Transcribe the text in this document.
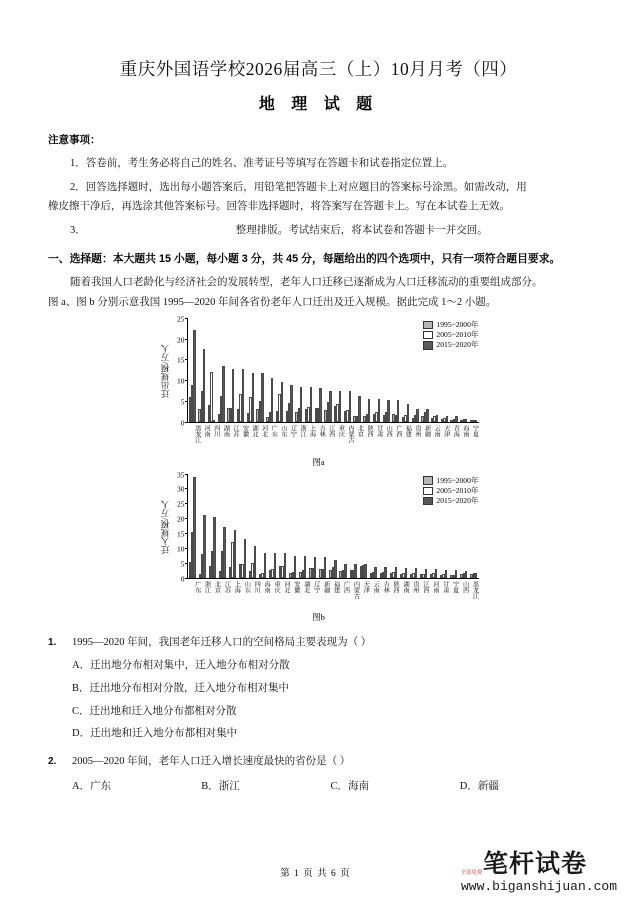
重庆外国语学校2026届高三（上）10月月考（四）
地 理 试 题
注意事项：
1．答卷前，考生务必将自己的姓名、准考证号等填写在答题卡和试卷指定位置上。
2．回答选择题时，选出每小题答案后，用铅笔把答题卡上对应题目的答案标号涂黑。如需改动，用
橡皮擦干净后，再选涂其他答案标号。回答非选择题时，将答案写在答题卡上。写在本试卷上无效。
3．	整理排版。考试结束后，将本试卷和答题卡一并交回。
一、选择题：本大题共 15 小题，每小题 3 分，共 45 分，每题给出的四个选项中，只有一项符合题目要求。
随着我国人口老龄化与经济社会的发展转型，老年人口迁移已逐渐成为人口迁移流动的重要组成部分。
图 a、图 b 分别示意我国 1995—2020 年间各省份老年人口迁出及迁入规模。据此完成 1～2 小题。
1995~2000年
2005~2010年
2015~2020年
迁出规模/万人
0
5
10
15
20
25
黑龙江 河南 四川 湖南 江苏 安徽 湖北 河北 广东 山东 辽宁 浙江 上海 吉林 江西 重庆 内蒙古 北京 陕西 甘肃 山西 广西 福建 贵州 新疆 云南 天津 青海 海南 宁夏
图a
1995~2000年
2005~2010年
2015~2020年
迁入规模/万人
0
5
10
15
20
25
30
35
广东 浙江 北京 江苏 上海 山东 四川 海南 重庆 河北 安徽 湖北 辽宁 新疆 福建 广西 内蒙古 天津 云南 吉林 陕西 湖南 贵州 江西 河南 甘肃 宁夏 山西 黑龙江
图b
1.	1995—2020 年间，我国老年迁移人口的空间格局主要表现为（ ）
A．迁出地分布相对集中，迁入地分布相对分散
B．迁出地分布相对分散，迁入地分布相对集中
C．迁出地和迁入地分布都相对分散
D．迁出地和迁入地分布都相对集中
2.	2005—2020 年间，老年人口迁入增长速度最快的省份是（ ）
A．广东	B．浙江	C．海南	D．新疆
第 1 页 共 6 页	全部免费 笔杆试卷
www.biganshijuan.com
